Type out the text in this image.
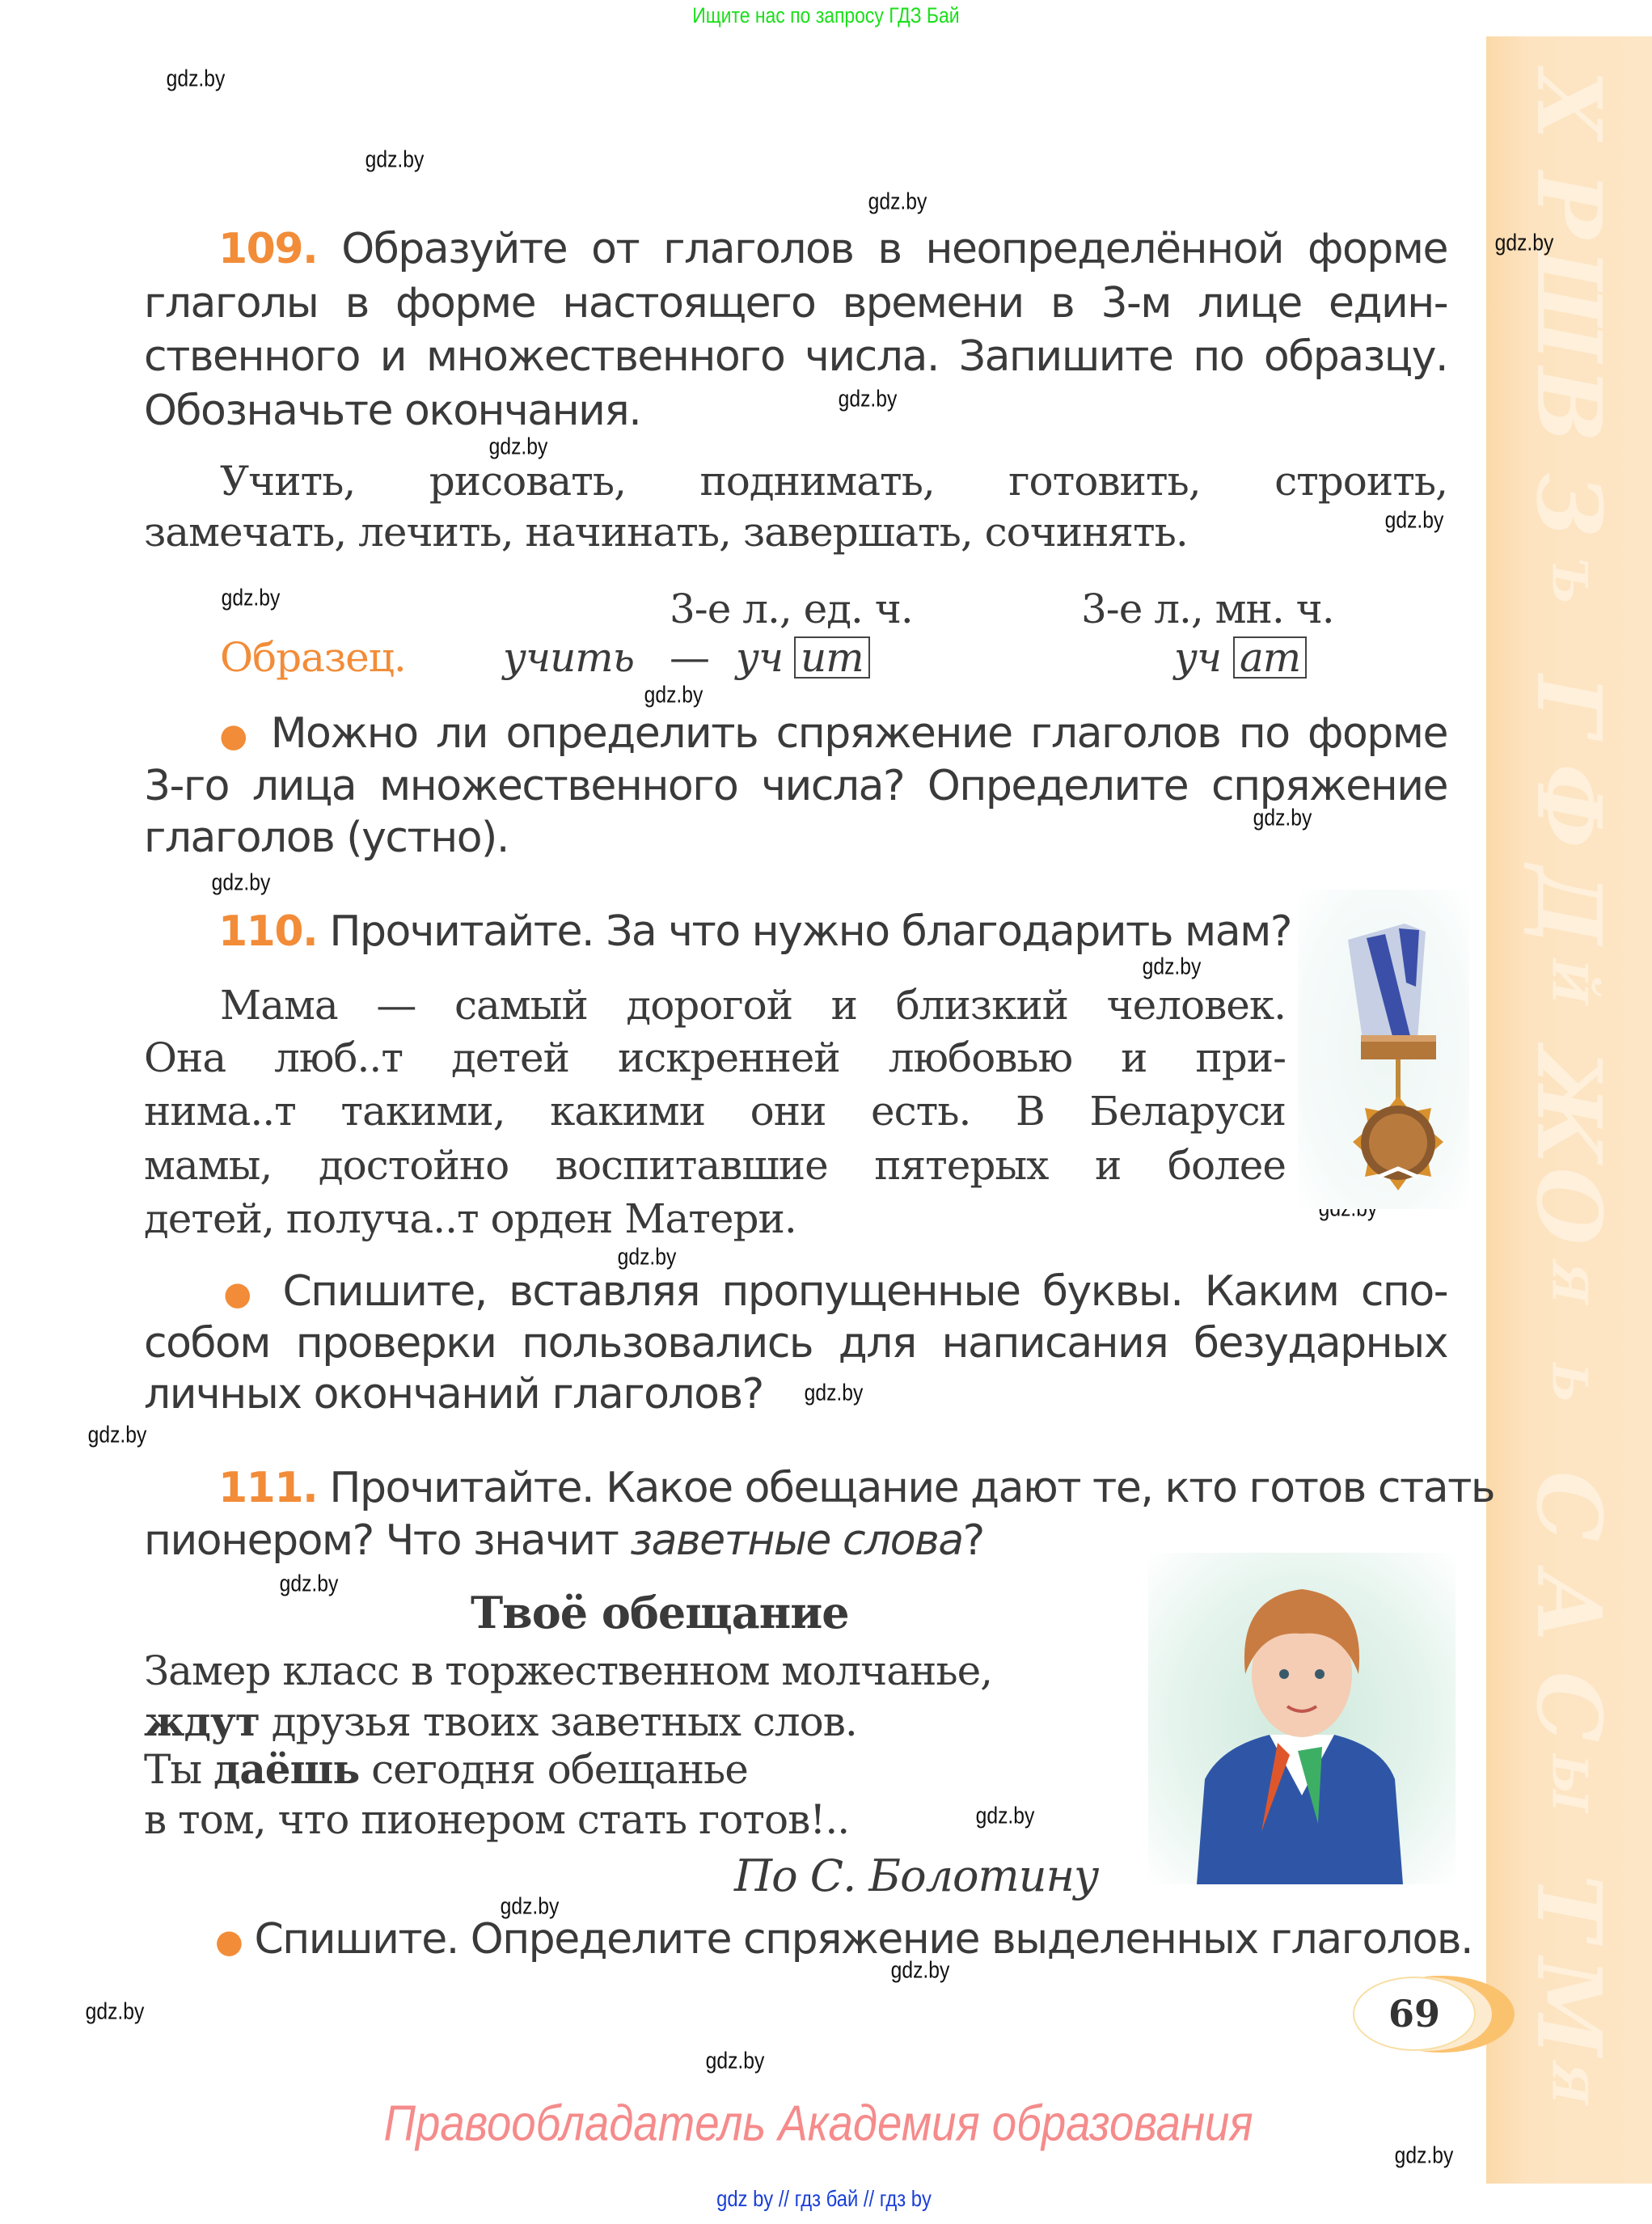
Ищите нас по запросу ГДЗ Бай
Х
Р
Ш
В
З
Ъ
Г
Ф
Д
Й
Ж
О
Я
Ь
С
А
С
Ы
Т
М
Я
gdz.by
gdz.by
gdz.by
gdz.by
gdz.by
gdz.by
gdz.by
gdz.by
gdz.by
gdz.by
gdz.by
gdz.by
gdz.by
gdz.by
gdz.by
gdz.by
gdz.by
gdz.by
gdz.by
gdz.by
gdz.by
gdz.by
109. Образуйте от глаголов в неопределённой форме
глаголы в форме настоящего времени в 3-м лице един-
ственного и множественного числа. Запишите по образцу.
Обозначьте окончания.
Учить, рисовать, поднимать, готовить, строить,
замечать, лечить, начинать, завершать, сочинять.
3-е л., ед. ч.	3-е л., мн. ч.
Образец. учить — уч ит	уч ат
● Можно ли определить спряжение глаголов по форме
3-го лица множественного числа? Определите спряжение
глаголов (устно).
110. Прочитайте. За что нужно благодарить мам?
Мама — самый дорогой и близкий человек.
Она люб..т детей искренней любовью и при-
нима..т такими, какими они есть. В Беларуси
мамы, достойно воспитавшие пятерых и более
детей, получа..т орден Матери.
● Спишите, вставляя пропущенные буквы. Каким спо-
собом проверки пользовались для написания безударных
личных окончаний глаголов?
111. Прочитайте. Какое обещание дают те, кто готов стать
пионером? Что значит заветные слова?
Твоё обещание
Замер класс в торжественном молчанье,
ждут друзья твоих заветных слов.
Ты даёшь сегодня обещанье
в том, что пионером стать готов!..
По С. Болотину
● Спишите. Определите спряжение выделенных глаголов.
69
Правообладатель Академия образования
gdz by // гдз бай // гдз by
